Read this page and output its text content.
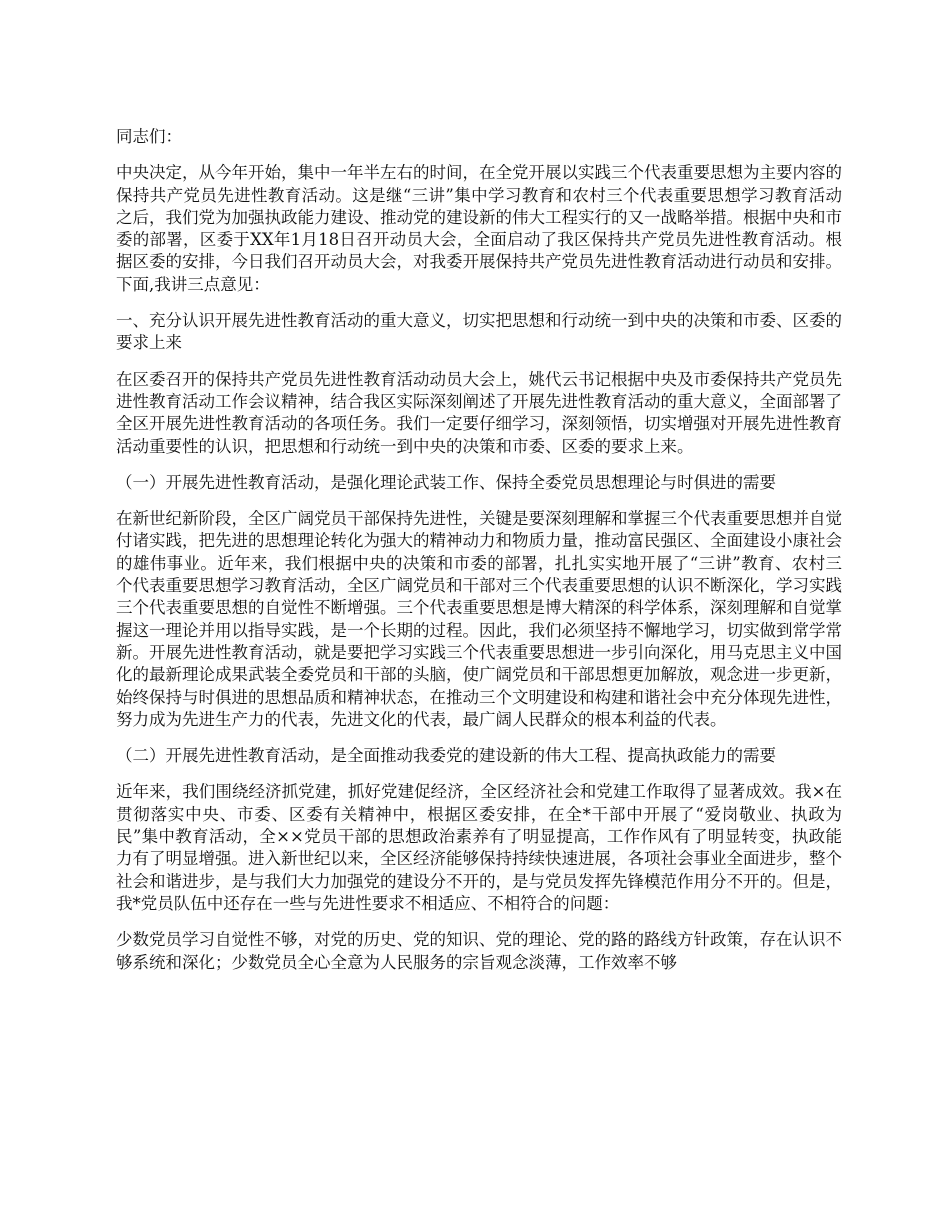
同志们：

中央决定，从今年开始，集中一年半左右的时间，在全党开展以实践三个代表重要思想为主要内容的保持共产党员先进性教育活动。这是继“三讲”集中学习教育和农村三个代表重要思想学习教育活动之后，我们党为加强执政能力建设、推动党的建设新的伟大工程实行的又一战略举措。根据中央和市委的部署，区委于XX年1月18日召开动员大会，全面启动了我区保持共产党员先进性教育活动。根据区委的安排，今日我们召开动员大会，对我委开展保持共产党员先进性教育活动进行动员和安排。下面,我讲三点意见：

一、充分认识开展先进性教育活动的重大意义，切实把思想和行动统一到中央的决策和市委、区委的要求上来

在区委召开的保持共产党员先进性教育活动动员大会上，姚代云书记根据中央及市委保持共产党员先进性教育活动工作会议精神，结合我区实际深刻阐述了开展先进性教育活动的重大意义，全面部署了全区开展先进性教育活动的各项任务。我们一定要仔细学习，深刻领悟，切实增强对开展先进性教育活动重要性的认识，把思想和行动统一到中央的决策和市委、区委的要求上来。

（一）开展先进性教育活动，是强化理论武装工作、保持全委党员思想理论与时俱进的需要

在新世纪新阶段，全区广阔党员干部保持先进性，关键是要深刻理解和掌握三个代表重要思想并自觉付诸实践，把先进的思想理论转化为强大的精神动力和物质力量，推动富民强区、全面建设小康社会的雄伟事业。近年来，我们根据中央的决策和市委的部署，扎扎实实地开展了“三讲”教育、农村三个代表重要思想学习教育活动，全区广阔党员和干部对三个代表重要思想的认识不断深化，学习实践三个代表重要思想的自觉性不断增强。三个代表重要思想是博大精深的科学体系，深刻理解和自觉掌握这一理论并用以指导实践，是一个长期的过程。因此，我们必须坚持不懈地学习，切实做到常学常新。开展先进性教育活动，就是要把学习实践三个代表重要思想进一步引向深化，用马克思主义中国化的最新理论成果武装全委党员和干部的头脑，使广阔党员和干部思想更加解放，观念进一步更新，始终保持与时俱进的思想品质和精神状态，在推动三个文明建设和构建和谐社会中充分体现先进性，努力成为先进生产力的代表，先进文化的代表，最广阔人民群众的根本利益的代表。

（二）开展先进性教育活动，是全面推动我委党的建设新的伟大工程、提高执政能力的需要

近年来，我们围绕经济抓党建，抓好党建促经济，全区经济社会和党建工作取得了显著成效。我×在贯彻落实中央、市委、区委有关精神中，根据区委安排，在全*干部中开展了“爱岗敬业、执政为民”集中教育活动，全××党员干部的思想政治素养有了明显提高，工作作风有了明显转变，执政能力有了明显增强。进入新世纪以来，全区经济能够保持持续快速进展，各项社会事业全面进步，整个社会和谐进步，是与我们大力加强党的建设分不开的，是与党员发挥先锋模范作用分不开的。但是，我*党员队伍中还存在一些与先进性要求不相适应、不相符合的问题：

少数党员学习自觉性不够，对党的历史、党的知识、党的理论、党的路的路线方针政策，存在认识不够系统和深化；少数党员全心全意为人民服务的宗旨观念淡薄，工作效率不够
